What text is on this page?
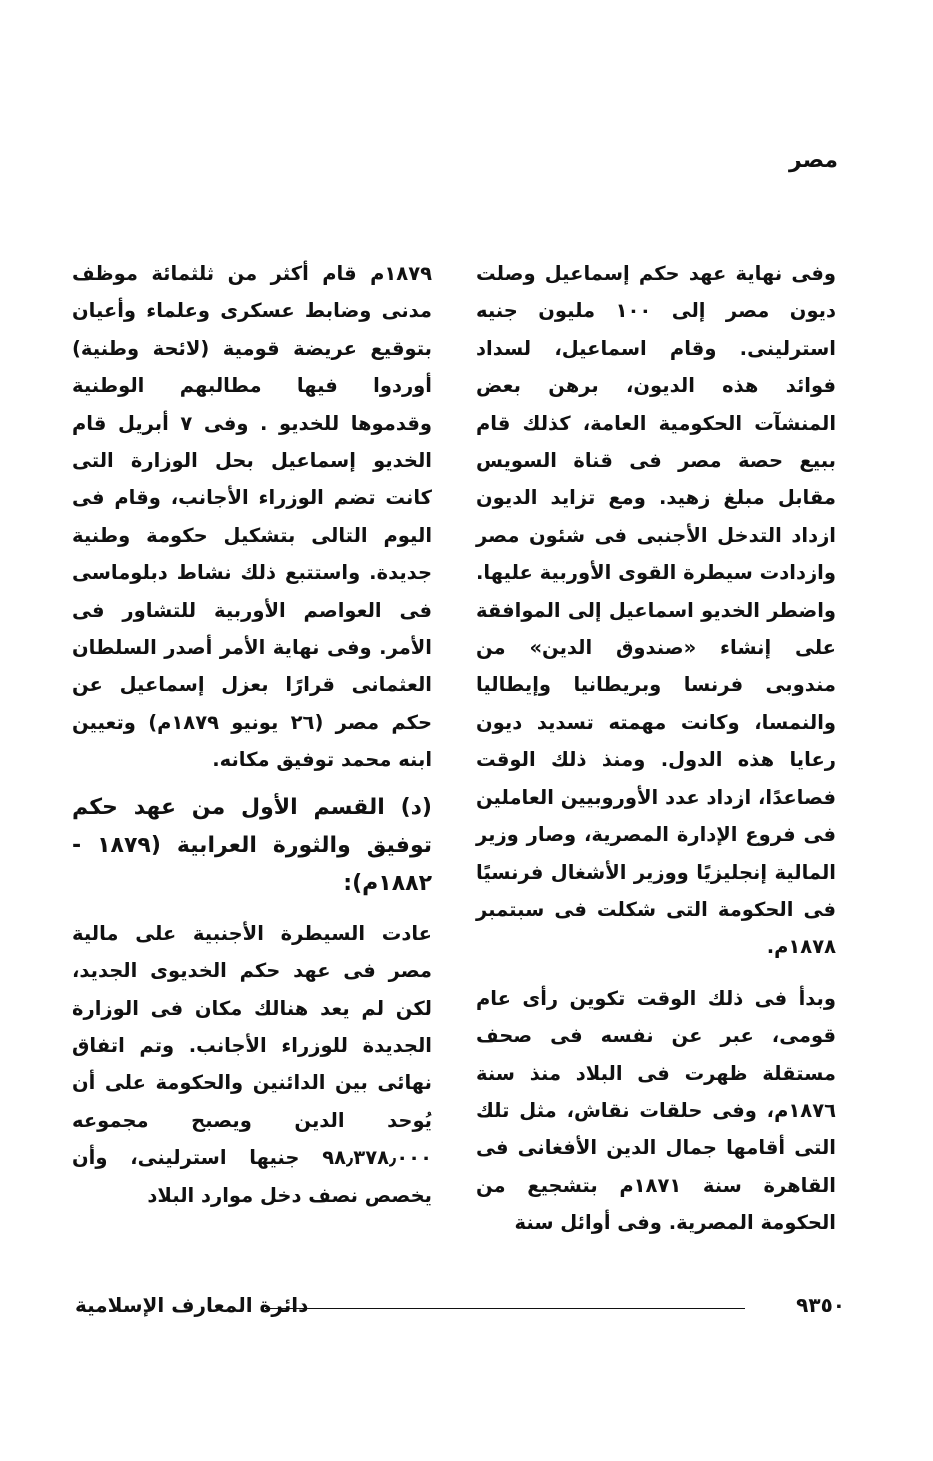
مصر

وفى نهاية عهد حكم إسماعيل وصلت ديون مصر إلى ١٠٠ مليون جنيه استرلينى. وقام اسماعيل، لسداد فوائد هذه الديون، برهن بعض المنشآت الحكومية العامة، كذلك قام ببيع حصة مصر فى قناة السويس مقابل مبلغ زهيد. ومع تزايد الديون ازداد التدخل الأجنبى فى شئون مصر وازدادت سيطرة القوى الأوربية عليها. واضطر الخديو اسماعيل إلى الموافقة على إنشاء «صندوق الدين» من مندوبى فرنسا وبريطانيا وإيطاليا والنمسا، وكانت مهمته تسديد ديون رعايا هذه الدول. ومنذ ذلك الوقت فصاعدًا، ازداد عدد الأوروبيين العاملين فى فروع الإدارة المصرية، وصار وزير المالية إنجليزيًا ووزير الأشغال فرنسيًا فى الحكومة التى شكلت فى سبتمبر ١٨٧٨م.

وبدأ فى ذلك الوقت تكوين رأى عام قومى، عبر عن نفسه فى صحف مستقلة ظهرت فى البلاد منذ سنة ١٨٧٦م، وفى حلقات نقاش، مثل تلك التى أقامها جمال الدين الأفغانى فى القاهرة سنة ١٨٧١م بتشجيع من الحكومة المصرية. وفى أوائل سنة

١٨٧٩م قام أكثر من ثلثمائة موظف مدنى وضابط عسكرى وعلماء وأعيان بتوقيع عريضة قومية (لائحة وطنية) أوردوا فيها مطالبهم الوطنية وقدموها للخديو . وفى ٧ أبريل قام الخديو إسماعيل بحل الوزارة التى كانت تضم الوزراء الأجانب، وقام فى اليوم التالى بتشكيل حكومة وطنية جديدة. واستتبع ذلك نشاط دبلوماسى فى العواصم الأوربية للتشاور فى الأمر. وفى نهاية الأمر أصدر السلطان العثمانى قرارًا بعزل إسماعيل عن حكم مصر (٢٦ يونيو ١٨٧٩م) وتعيين ابنه محمد توفيق مكانه.

(د) القسم الأول من عهد حكم توفيق والثورة العرابية (١٨٧٩ - ١٨٨٢م):

عادت السيطرة الأجنبية على مالية مصر فى عهد حكم الخديوى الجديد، لكن لم يعد هنالك مكان فى الوزارة الجديدة للوزراء الأجانب. وتم اتفاق نهائى بين الدائنين والحكومة على أن يُوحد الدين ويصبح مجموعه ٩٨٫٣٧٨٫٠٠٠ جنيها استرلينى، وأن يخصص نصف دخل موارد البلاد

دائرة المعارف الإسلامية	٩٣٥٠
